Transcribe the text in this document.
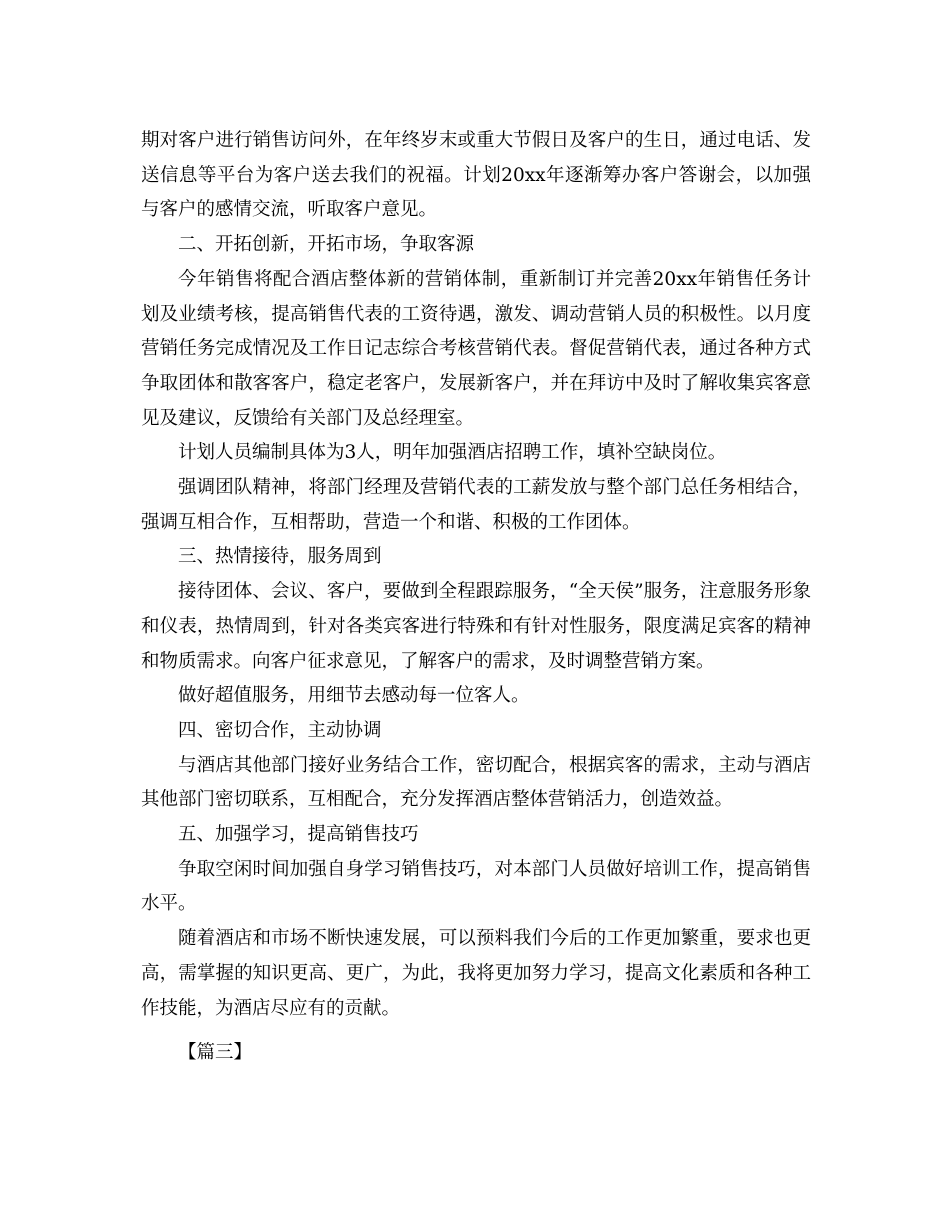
期对客户进行销售访问外，在年终岁末或重大节假日及客户的生日，通过电话、发送信息等平台为客户送去我们的祝福。计划20xx年逐渐筹办客户答谢会，以加强与客户的感情交流，听取客户意见。

二、开拓创新，开拓市场，争取客源

今年销售将配合酒店整体新的营销体制，重新制订并完善20xx年销售任务计划及业绩考核，提高销售代表的工资待遇，激发、调动营销人员的积极性。以月度营销任务完成情况及工作日记志综合考核营销代表。督促营销代表，通过各种方式争取团体和散客客户，稳定老客户，发展新客户，并在拜访中及时了解收集宾客意见及建议，反馈给有关部门及总经理室。

计划人员编制具体为3人，明年加强酒店招聘工作，填补空缺岗位。

强调团队精神，将部门经理及营销代表的工薪发放与整个部门总任务相结合，强调互相合作，互相帮助，营造一个和谐、积极的工作团体。

三、热情接待，服务周到

接待团体、会议、客户，要做到全程跟踪服务，“全天侯”服务，注意服务形象和仪表，热情周到，针对各类宾客进行特殊和有针对性服务，限度满足宾客的精神和物质需求。向客户征求意见，了解客户的需求，及时调整营销方案。

做好超值服务，用细节去感动每一位客人。

四、密切合作，主动协调

与酒店其他部门接好业务结合工作，密切配合，根据宾客的需求，主动与酒店其他部门密切联系，互相配合，充分发挥酒店整体营销活力，创造效益。

五、加强学习，提高销售技巧

争取空闲时间加强自身学习销售技巧，对本部门人员做好培训工作，提高销售水平。

随着酒店和市场不断快速发展，可以预料我们今后的工作更加繁重，要求也更高，需掌握的知识更高、更广，为此，我将更加努力学习，提高文化素质和各种工作技能，为酒店尽应有的贡献。

【篇三】
